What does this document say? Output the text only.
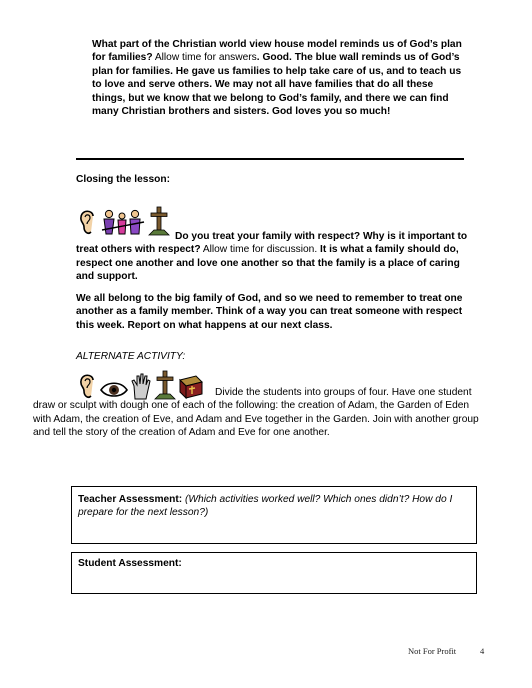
What part of the Christian world view house model reminds us of God’s plan for families? Allow time for answers. Good. The blue wall reminds us of God’s plan for families. He gave us families to help take care of us, and to teach us to love and serve others. We may not all have families that do all these things, but we know that we belong to God’s family, and there we can find many Christian brothers and sisters. God loves you so much!
Closing the lesson:
Do you treat your family with respect? Why is it important to treat others with respect? Allow time for discussion. It is what a family should do, respect one another and love one another so that the family is a place of caring and support.
We all belong to the big family of God, and so we need to remember to treat one another as a family member. Think of a way you can treat someone with respect this week. Report on what happens at our next class.
ALTERNATE ACTIVITY:
Divide the students into groups of four. Have one student draw or sculpt with dough one of each of the following: the creation of Adam, the Garden of Eden with Adam, the creation of Eve, and Adam and Eve together in the Garden. Join with another group and tell the story of the creation of Adam and Eve for one another.
Teacher Assessment: (Which activities worked well? Which ones didn’t? How do I prepare for the next lesson?)
Student Assessment:
Not For Profit	4
